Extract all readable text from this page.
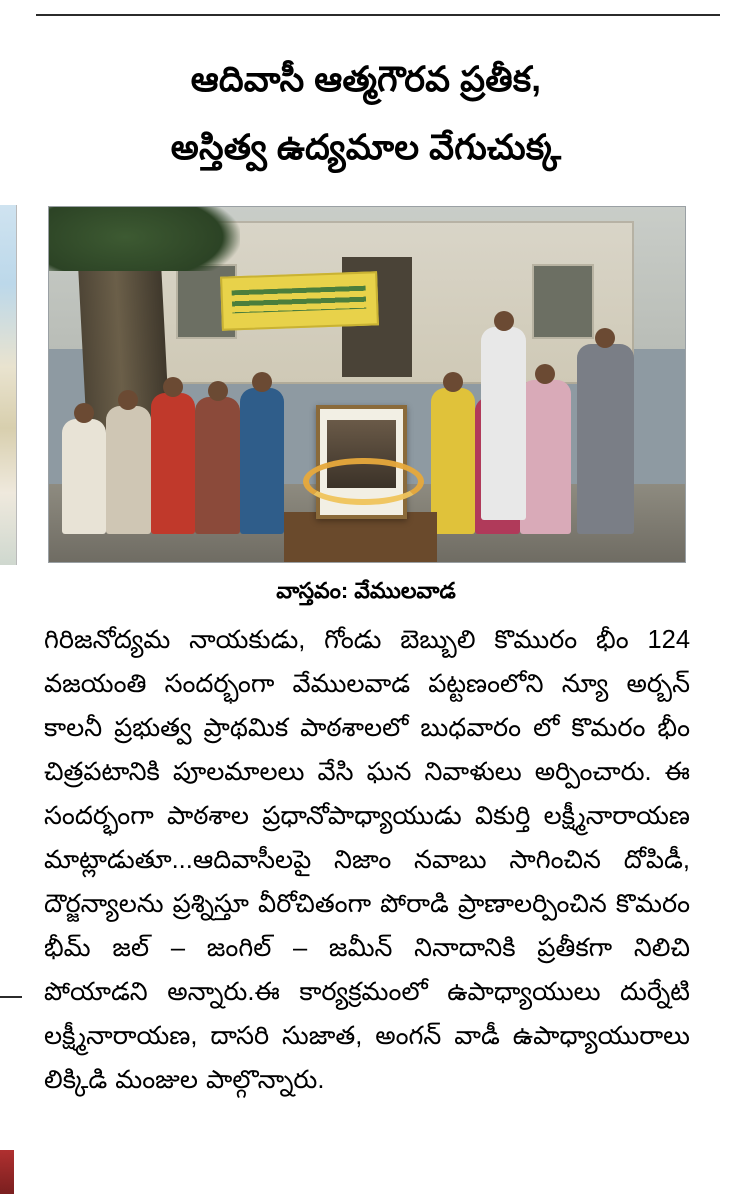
ఆదివాసీ ఆత్మగౌరవ ప్రతీక,
అస్తిత్వ ఉద్యమాల వేగుచుక్క
వాస్తవం: వేములవాడ

గిరిజనోద్యమ నాయకుడు, గోండు బెబ్బులి కొమురం భీం 124 వజయంతి సందర్భంగా వేములవాడ పట్టణంలోని న్యూ అర్బన్ కాలనీ ప్రభుత్వ ప్రాథమిక పాఠశాలలో బుధవారం లో కొమరం భీం చిత్రపటానికి పూలమాలలు వేసి ఘన నివాళులు అర్పించారు. ఈ సందర్భంగా పాఠశాల ప్రధానోపాధ్యాయుడు వికుర్తి లక్ష్మీనారాయణ మాట్లాడుతూ...ఆదివాసీలపై నిజాం నవాబు సాగించిన దోపిడీ, దౌర్జన్యాలను ప్రశ్నిస్తూ వీరోచితంగా పోరాడి ప్రాణాలర్పించిన కొమరం భీమ్ జల్ – జంగిల్ – జమీన్ నినాదానికి ప్రతీకగా నిలిచి పోయాడని అన్నారు.ఈ కార్యక్రమంలో ఉపాధ్యాయులు దుర్నేటి లక్ష్మీనారాయణ, దాసరి సుజాత, అంగన్ వాడీ ఉపాధ్యాయురాలు లిక్కిడి మంజుల పాల్గొన్నారు.
